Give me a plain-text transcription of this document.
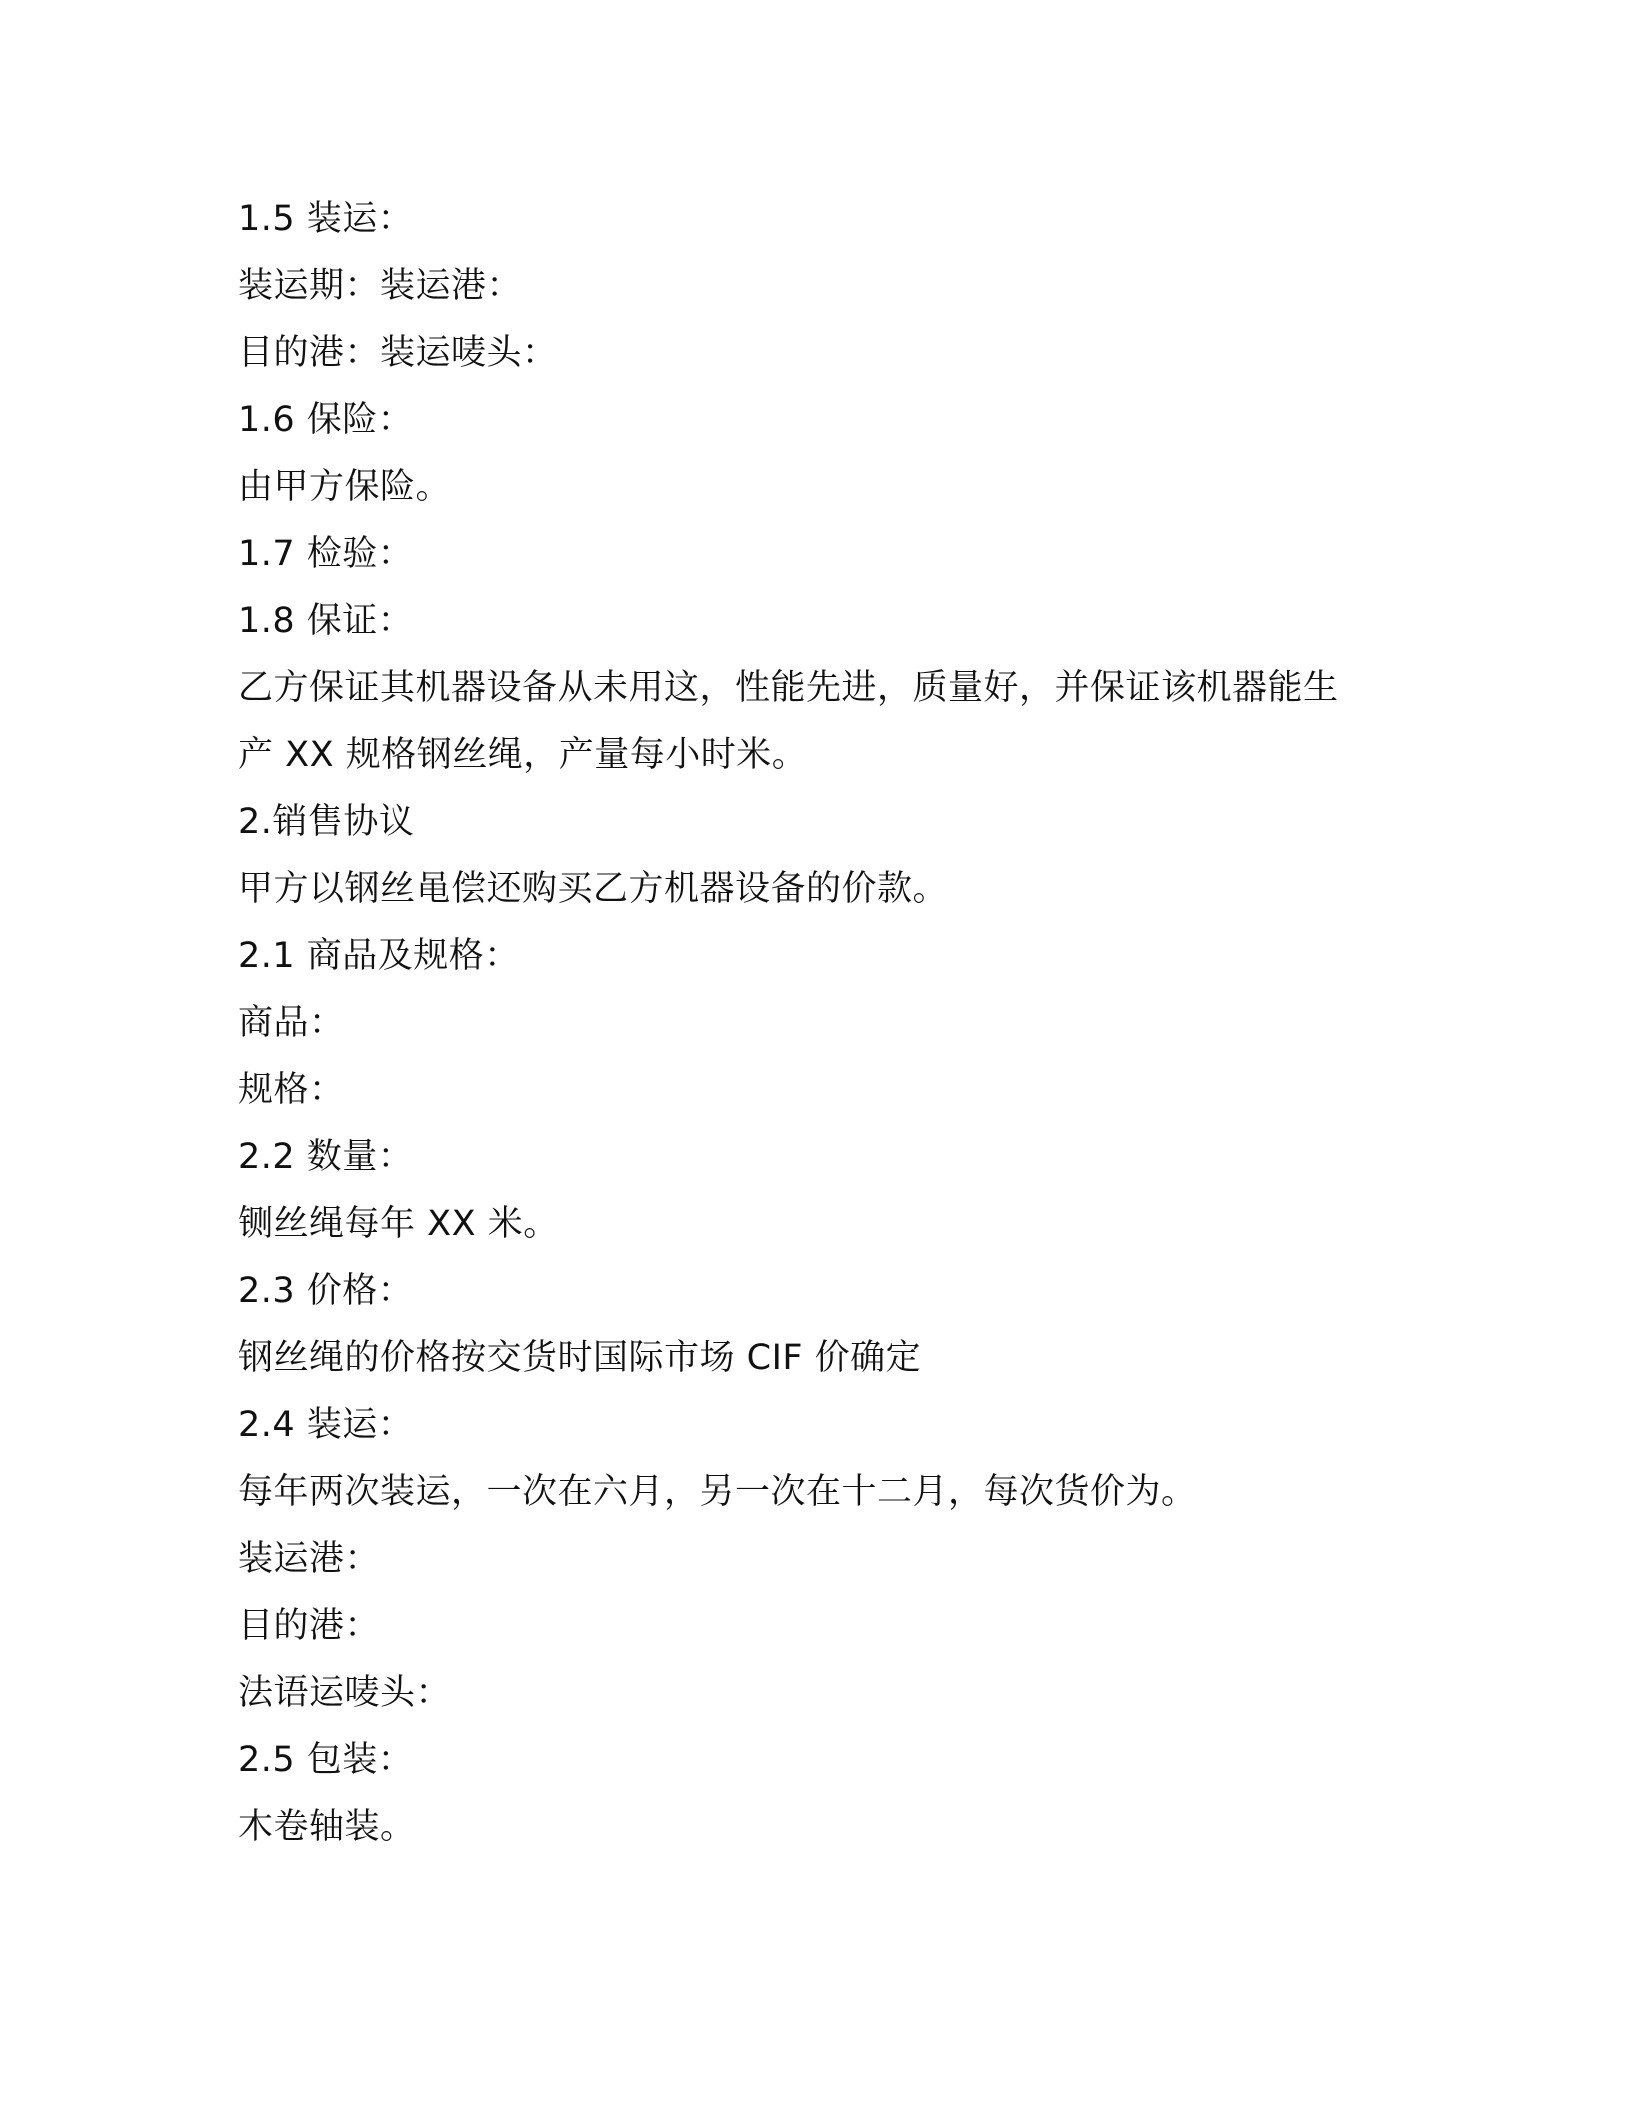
1.5 装运：
装运期：装运港：
目的港：装运唛头：
1.6 保险：
由甲方保险。
1.7 检验：
1.8 保证：
乙方保证其机器设备从未用这，性能先进，质量好，并保证该机器能生
产 XX 规格钢丝绳，产量每小时米。
2.销售协议
甲方以钢丝黾偿还购买乙方机器设备的价款。
2.1 商品及规格：
商品：
规格：
2.2 数量：
铡丝绳每年 XX 米。
2.3 价格：
钢丝绳的价格按交货时国际市场 CIF 价确定
2.4 装运：
每年两次装运，一次在六月，另一次在十二月，每次货价为。
装运港：
目的港：
法语运唛头：
2.5 包装：
木卷轴装。
